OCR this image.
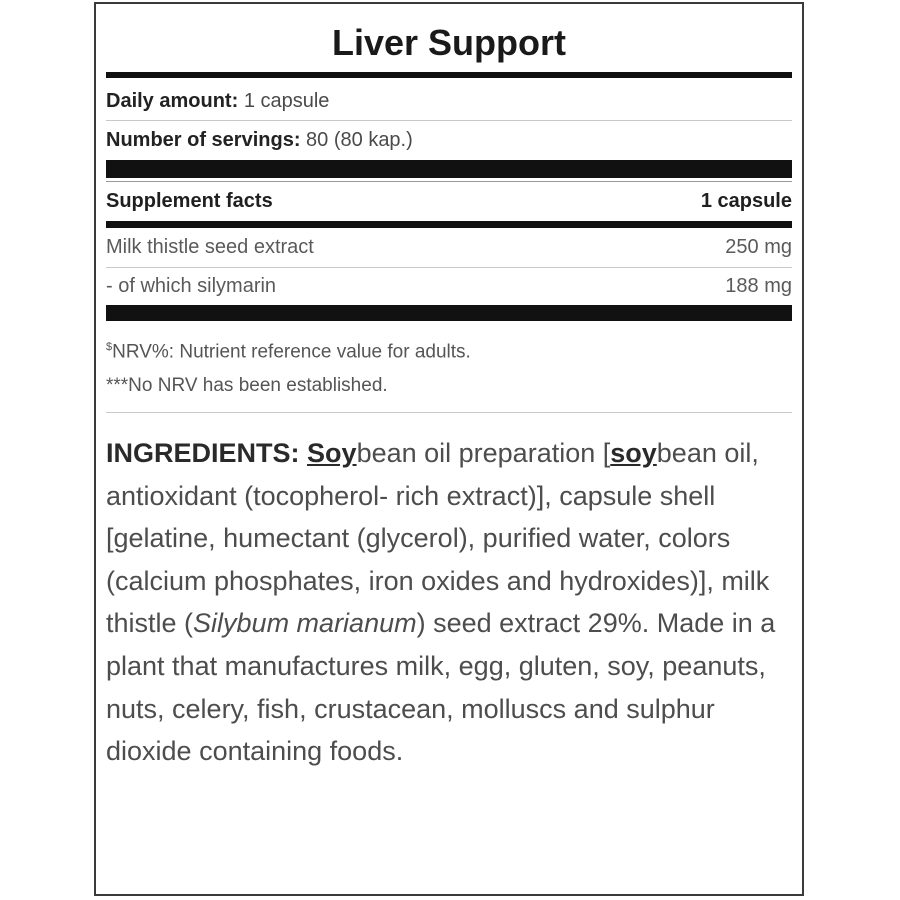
Liver Support
Daily amount: 1 capsule
Number of servings: 80 (80 kap.)
Supplement facts	1 capsule
Milk thistle seed extract	250 mg
- of which silymarin	188 mg
$NRV%: Nutrient reference value for adults.
***No NRV has been established.
INGREDIENTS: Soybean oil preparation [soybean oil, antioxidant (tocopherol- rich extract)], capsule shell [gelatine, humectant (glycerol), purified water, colors (calcium phosphates, iron oxides and hydroxides)], milk thistle (Silybum marianum) seed extract 29%. Made in a plant that manufactures milk, egg, gluten, soy, peanuts, nuts, celery, fish, crustacean, molluscs and sulphur dioxide containing foods.
